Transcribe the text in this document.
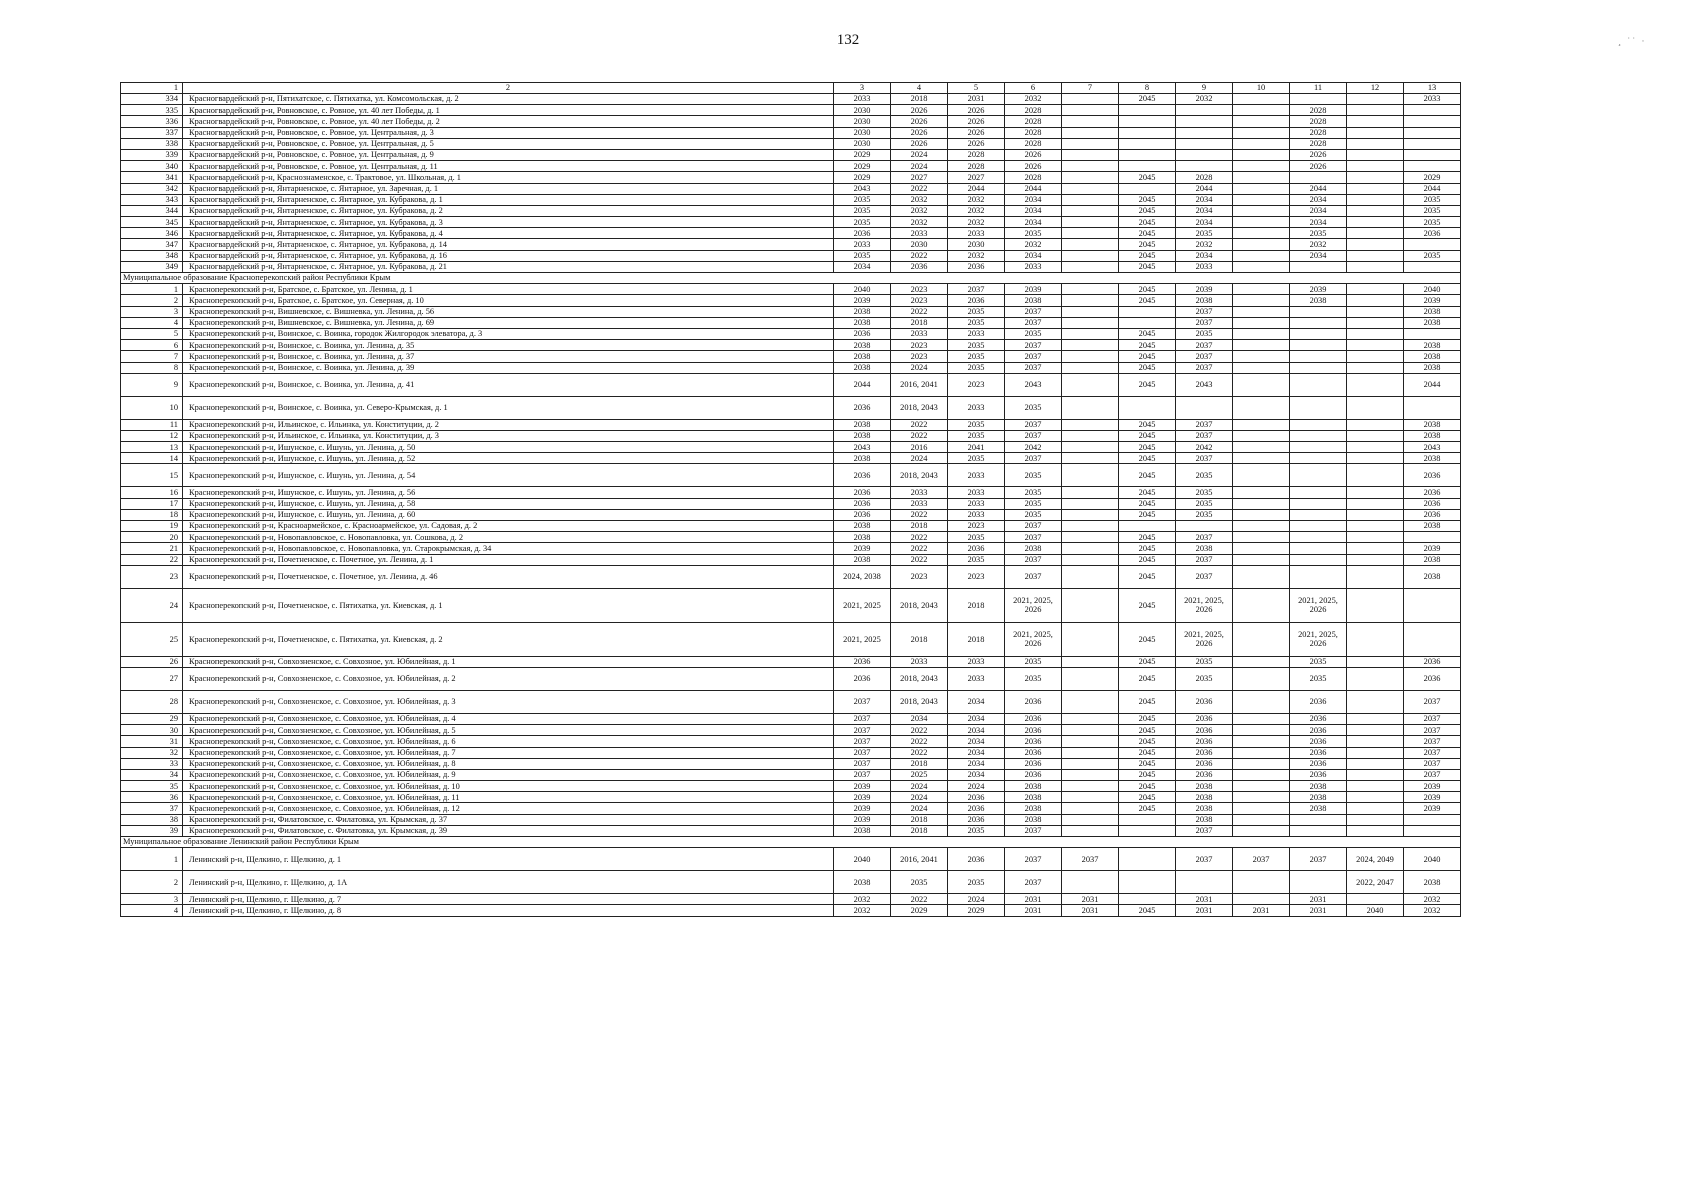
132	¸ ˙˙ ·
1	2	3	4	5	6	7	8	9	10	11	12	13
334	Красногвардейский р-н, Пятихатское, с. Пятихатка, ул. Комсомольская, д. 2	2033	2018	2031	2032		2045	2032				2033
335	Красногвардейский р-н, Ровновское, с. Ровное, ул. 40 лет Победы, д. 1	2030	2026	2026	2028					2028		
336	Красногвардейский р-н, Ровновское, с. Ровное, ул. 40 лет Победы, д. 2	2030	2026	2026	2028					2028		
337	Красногвардейский р-н, Ровновское, с. Ровное, ул. Центральная, д. 3	2030	2026	2026	2028					2028		
338	Красногвардейский р-н, Ровновское, с. Ровное, ул. Центральная, д. 5	2030	2026	2026	2028					2028		
339	Красногвардейский р-н, Ровновское, с. Ровное, ул. Центральная, д. 9	2029	2024	2028	2026					2026		
340	Красногвардейский р-н, Ровновское, с. Ровное, ул. Центральная, д. 11	2029	2024	2028	2026					2026		
341	Красногвардейский р-н, Краснознаменское, с. Трактовое, ул. Школьная, д. 1	2029	2027	2027	2028		2045	2028				2029
342	Красногвардейский р-н, Янтарненское, с. Янтарное, ул. Заречная, д. 1	2043	2022	2044	2044			2044		2044		2044
343	Красногвардейский р-н, Янтарненское, с. Янтарное, ул. Кубракова, д. 1	2035	2032	2032	2034		2045	2034		2034		2035
344	Красногвардейский р-н, Янтарненское, с. Янтарное, ул. Кубракова, д. 2	2035	2032	2032	2034		2045	2034		2034		2035
345	Красногвардейский р-н, Янтарненское, с. Янтарное, ул. Кубракова, д. 3	2035	2032	2032	2034		2045	2034		2034		2035
346	Красногвардейский р-н, Янтарненское, с. Янтарное, ул. Кубракова, д. 4	2036	2033	2033	2035		2045	2035		2035		2036
347	Красногвардейский р-н, Янтарненское, с. Янтарное, ул. Кубракова, д. 14	2033	2030	2030	2032		2045	2032		2032		
348	Красногвардейский р-н, Янтарненское, с. Янтарное, ул. Кубракова, д. 16	2035	2022	2032	2034		2045	2034		2034		2035
349	Красногвардейский р-н, Янтарненское, с. Янтарное, ул. Кубракова, д. 21	2034	2036	2036	2033		2045	2033				
Муниципальное образование Красноперекопский район Республики Крым												
1	Красноперекопский р-н, Братское, с. Братское, ул. Ленина, д. 1	2040	2023	2037	2039		2045	2039		2039		2040
2	Красноперекопский р-н, Братское, с. Братское, ул. Северная, д. 10	2039	2023	2036	2038		2045	2038		2038		2039
3	Красноперекопский р-н, Вишневское, с. Вишневка, ул. Ленина, д. 56	2038	2022	2035	2037			2037				2038
4	Красноперекопский р-н, Вишневское, с. Вишневка, ул. Ленина, д. 69	2038	2018	2035	2037			2037				2038
5	Красноперекопский р-н, Воинское, с. Воинка, городок Жилгородок элеватора, д. 3	2036	2033	2033	2035		2045	2035				
6	Красноперекопский р-н, Воинское, с. Воинка, ул. Ленина, д. 35	2038	2023	2035	2037		2045	2037				2038
7	Красноперекопский р-н, Воинское, с. Воинка, ул. Ленина, д. 37	2038	2023	2035	2037		2045	2037				2038
8	Красноперекопский р-н, Воинское, с. Воинка, ул. Ленина, д. 39	2038	2024	2035	2037		2045	2037				2038
9	Красноперекопский р-н, Воинское, с. Воинка, ул. Ленина, д. 41	2044	2016, 2041	2023	2043		2045	2043				2044
10	Красноперекопский р-н, Воинское, с. Воинка, ул. Северо-Крымская, д. 1	2036	2018, 2043	2033	2035							
11	Красноперекопский р-н, Ильинское, с. Ильинка, ул. Конституции, д. 2	2038	2022	2035	2037		2045	2037				2038
12	Красноперекопский р-н, Ильинское, с. Ильинка, ул. Конституции, д. 3	2038	2022	2035	2037		2045	2037				2038
13	Красноперекопский р-н, Ишунское, с. Ишунь, ул. Ленина, д. 50	2043	2016	2041	2042		2045	2042				2043
14	Красноперекопский р-н, Ишунское, с. Ишунь, ул. Ленина, д. 52	2038	2024	2035	2037		2045	2037				2038
15	Красноперекопский р-н, Ишунское, с. Ишунь, ул. Ленина, д. 54	2036	2018, 2043	2033	2035		2045	2035				2036
16	Красноперекопский р-н, Ишунское, с. Ишунь, ул. Ленина, д. 56	2036	2033	2033	2035		2045	2035				2036
17	Красноперекопский р-н, Ишунское, с. Ишунь, ул. Ленина, д. 58	2036	2033	2033	2035		2045	2035				2036
18	Красноперекопский р-н, Ишунское, с. Ишунь, ул. Ленина, д. 60	2036	2022	2033	2035		2045	2035				2036
19	Красноперекопский р-н, Красноармейское, с. Красноармейское, ул. Садовая, д. 2	2038	2018	2023	2037							2038
20	Красноперекопский р-н, Новопавловское, с. Новопавловка, ул. Сошкова, д. 2	2038	2022	2035	2037		2045	2037				
21	Красноперекопский р-н, Новопавловское, с. Новопавловка, ул. Старокрымская, д. 34	2039	2022	2036	2038		2045	2038				2039
22	Красноперекопский р-н, Почетненское, с. Почетное, ул. Ленина, д. 1	2038	2022	2035	2037		2045	2037				2038
23	Красноперекопский р-н, Почетненское, с. Почетное, ул. Ленина, д. 46	2024, 2038	2023	2023	2037		2045	2037				2038
24	Красноперекопский р-н, Почетненское, с. Пятихатка, ул. Киевская, д. 1	2021, 2025	2018, 2043	2018	2021, 2025, 2026		2045	2021, 2025, 2026		2021, 2025, 2026		
25	Красноперекопский р-н, Почетненское, с. Пятихатка, ул. Киевская, д. 2	2021, 2025	2018	2018	2021, 2025, 2026		2045	2021, 2025, 2026		2021, 2025, 2026		
26	Красноперекопский р-н, Совхозненское, с. Совхозное, ул. Юбилейная, д. 1	2036	2033	2033	2035		2045	2035		2035		2036
27	Красноперекопский р-н, Совхозненское, с. Совхозное, ул. Юбилейная, д. 2	2036	2018, 2043	2033	2035		2045	2035		2035		2036
28	Красноперекопский р-н, Совхозненское, с. Совхозное, ул. Юбилейная, д. 3	2037	2018, 2043	2034	2036		2045	2036		2036		2037
29	Красноперекопский р-н, Совхозненское, с. Совхозное, ул. Юбилейная, д. 4	2037	2034	2034	2036		2045	2036		2036		2037
30	Красноперекопский р-н, Совхозненское, с. Совхозное, ул. Юбилейная, д. 5	2037	2022	2034	2036		2045	2036		2036		2037
31	Красноперекопский р-н, Совхозненское, с. Совхозное, ул. Юбилейная, д. 6	2037	2022	2034	2036		2045	2036		2036		2037
32	Красноперекопский р-н, Совхозненское, с. Совхозное, ул. Юбилейная, д. 7	2037	2022	2034	2036		2045	2036		2036		2037
33	Красноперекопский р-н, Совхозненское, с. Совхозное, ул. Юбилейная, д. 8	2037	2018	2034	2036		2045	2036		2036		2037
34	Красноперекопский р-н, Совхозненское, с. Совхозное, ул. Юбилейная, д. 9	2037	2025	2034	2036		2045	2036		2036		2037
35	Красноперекопский р-н, Совхозненское, с. Совхозное, ул. Юбилейная, д. 10	2039	2024	2024	2038		2045	2038		2038		2039
36	Красноперекопский р-н, Совхозненское, с. Совхозное, ул. Юбилейная, д. 11	2039	2024	2036	2038		2045	2038		2038		2039
37	Красноперекопский р-н, Совхозненское, с. Совхозное, ул. Юбилейная, д. 12	2039	2024	2036	2038		2045	2038		2038		2039
38	Красноперекопский р-н, Филатовское, с. Филатовка, ул. Крымская, д. 37	2039	2018	2036	2038			2038				
39	Красноперекопский р-н, Филатовское, с. Филатовка, ул. Крымская, д. 39	2038	2018	2035	2037			2037				
Муниципальное образование Ленинский район Республики Крым												
1	Ленинский р-н, Щелкино, г. Щелкино, д. 1	2040	2016, 2041	2036	2037	2037		2037	2037	2037	2024, 2049	2040
2	Ленинский р-н, Щелкино, г. Щелкино, д. 1А	2038	2035	2035	2037						2022, 2047	2038
3	Ленинский р-н, Щелкино, г. Щелкино, д. 7	2032	2022	2024	2031	2031		2031		2031		2032
4	Ленинский р-н, Щелкино, г. Щелкино, д. 8	2032	2029	2029	2031	2031	2045	2031	2031	2031	2040	2032
